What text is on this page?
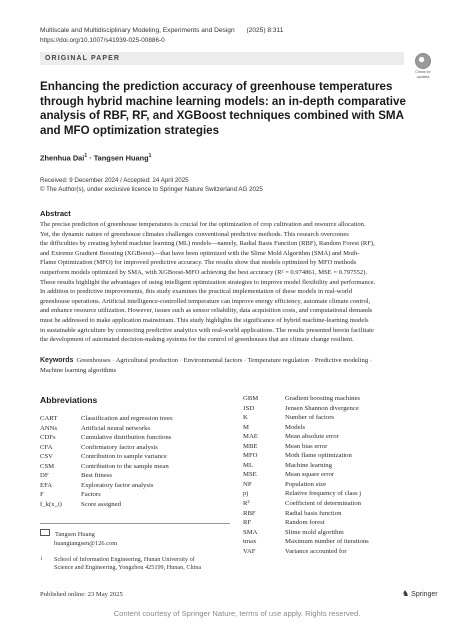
Multiscale and Multidisciplinary Modeling, Experiments and Design (2025) 8:311
https://doi.org/10.1007/s41939-025-00886-0
ORIGINAL PAPER
Check for
updates
Enhancing the prediction accuracy of greenhouse temperatures
through hybrid machine learning models: an in-depth comparative
analysis of RBF, RF, and XGBoost techniques combined with SMA
and MFO optimization strategies
Zhenhua Dai$^1$ · Tangsen Huang$^1$
Received: 9 December 2024 / Accepted: 24 April 2025
© The Author(s), under exclusive licence to Springer Nature Switzerland AG 2025
Abstract
The precise prediction of greenhouse temperatures is crucial for the optimization of crop cultivation and resource allocation.
Yet, the dynamic nature of greenhouse climates challenges conventional predictive methods. This research overcomes
the difficulties by creating hybrid machine learning (ML) models—namely, Radial Basis Function (RBF), Random Forest (RF),
and Extreme Gradient Boosting (XGBoost)—that have been optimized with the Slime Mold Algorithm (SMA) and Moth-
Flame Optimization (MFO) for improved predictive accuracy. The results show that models optimized by MFO methods
outperform models optimized by SMA, with XGBoost-MFO achieving the best accuracy (R² = 0.974861, MSE = 0.797552).
These results highlight the advantages of using intelligent optimization strategies to improve model flexibility and performance.
In addition to predictive improvements, this study examines the practical implementation of these models in real-world
greenhouse operations. Artificial intelligence-controlled temperature can improve energy efficiency, automate climate control,
and enhance resource utilization. However, issues such as sensor reliability, data acquisition costs, and computational demands
must be addressed to make application mainstream. This study highlights the significance of hybrid machine-learning models
in sustainable agriculture by connecting predictive analytics with real-world applications. The results presented herein facilitate
the development of automated decision-making systems for the control of greenhouses that are climate change resilient.
Keywords Greenhouses · Agricultural production · Environmental factors · Temperature regulation · Predictive modeling ·
Machine learning algorithms
Abbreviations
CART	Classification and regression trees
ANNs	Artificial neural networks
CDFs	Cumulative distribution functions
CFA	Confirmatory factor analysis
CSV	Contribution to sample variance
CSM	Contribution to the sample mean
DF	Best fitness
EFA	Exploratory factor analysis
F	Factors
f_k(x_i)	Score assigned
GBM	Gradient boosting machines
JSD	Jensen Shannon divergence
K	Number of factors
M	Models
MAE	Mean absolute error
MBE	Mean bias error
MFO	Moth flame optimization
ML	Machine learning
MSE	Mean square error
NP	Population size
pj	Relative frequency of class j
R²	Coefficient of determination
RBF	Radial basis function
RF	Random forest
SMA	Slime mold algorithm
tmax	Maximum number of iterations
VAF	Variance accounted for
Tangsen Huang
huangtangsen@126.com
1 School of Information Engineering, Hunan University of
Science and Engineering, Yongzhou 425199, Hunan, China
Published online: 23 May 2025	♞ Springer
Content courtesy of Springer Nature, terms of use apply. Rights reserved.
